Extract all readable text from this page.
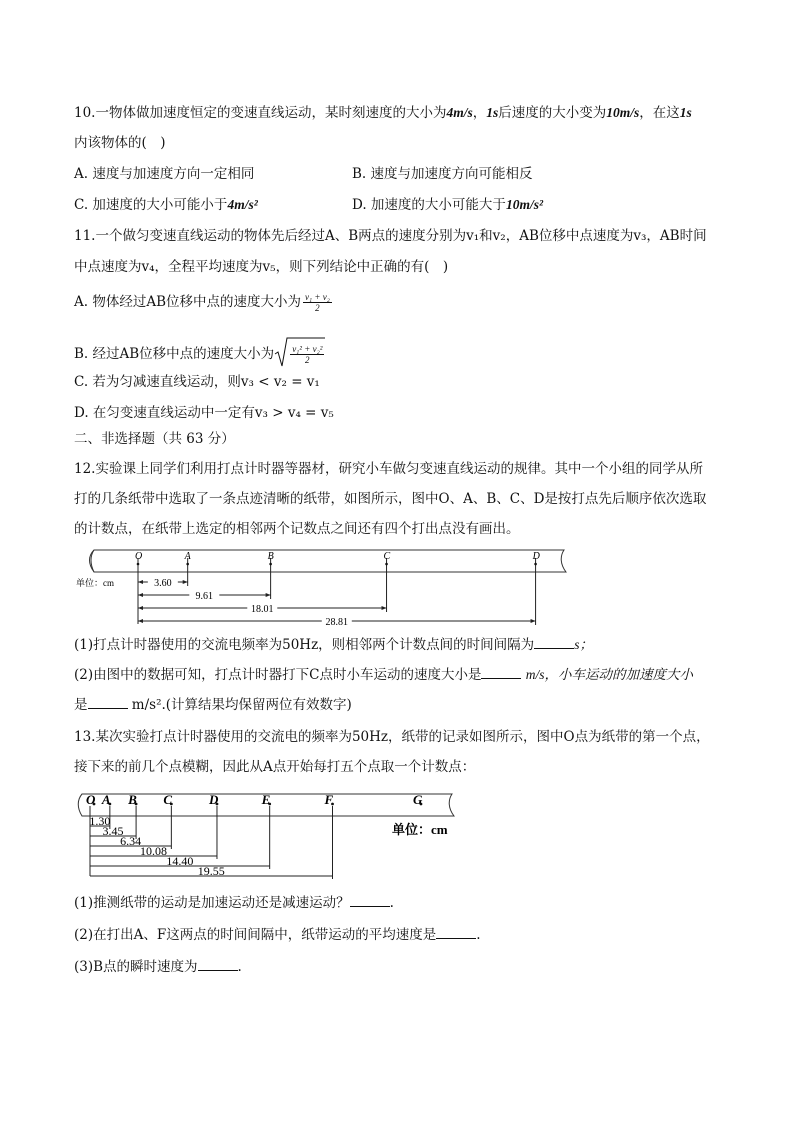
10.一物体做加速度恒定的变速直线运动，某时刻速度的大小为4m/s，1s后速度的大小变为10m/s，在这1s
内该物体的(　)
A. 速度与加速度方向一定相同	B. 速度与加速度方向可能相反
C. 加速度的大小可能小于4m/s²	D. 加速度的大小可能大于10m/s²
11.一个做匀变速直线运动的物体先后经过A、B两点的速度分别为v₁和v₂，AB位移中点速度为v₃，AB时间
中点速度为v₄，全程平均速度为v₅，则下列结论中正确的有(　)
A. 物体经过AB位移中点的速度大小为 $\frac{\text{v₁ + v₂}}{2}$
B. 经过AB位移中点的速度大小为 $\frac{\text{v₁² + v₂²}}{2}$
C. 若为匀减速直线运动，则v₃ < v₂ = v₁
D. 在匀变速直线运动中一定有v₃ > v₄ = v₅
二、非选择题（共 63 分）
12.实验课上同学们利用打点计时器等器材，研究小车做匀变速直线运动的规律。其中一个小组的同学从所
打的几条纸带中选取了一条点迹清晰的纸带，如图所示，图中O、A、B、C、D是按打点先后顺序依次选取
的计数点，在纸带上选定的相邻两个记数点之间还有四个打出点没有画出。
O	A	B	C	D
3.60
9.61
18.01
28.81
单位：cm
(1)打点计时器使用的交流电频率为50Hz，则相邻两个计数点间的时间间隔为	s；
(2)由图中的数据可知，打点计时器打下C点时小车运动的速度大小是	m/s，小车运动的加速度大小
是	m/s².(计算结果均保留两位有效数字)
13.某次实验打点计时器使用的交流电的频率为50Hz，纸带的记录如图所示，图中O点为纸带的第一个点，
接下来的前几个点模糊，因此从A点开始每打五个点取一个计数点：
O A B C	D	E	F	G
1.30
3.45
6.34
10.08
14.40
19.55
单位：cm
(1)推测纸带的运动是加速运动还是减速运动？	.
(2)在打出A、F这两点的时间间隔中，纸带运动的平均速度是	.
(3)B点的瞬时速度为	.
